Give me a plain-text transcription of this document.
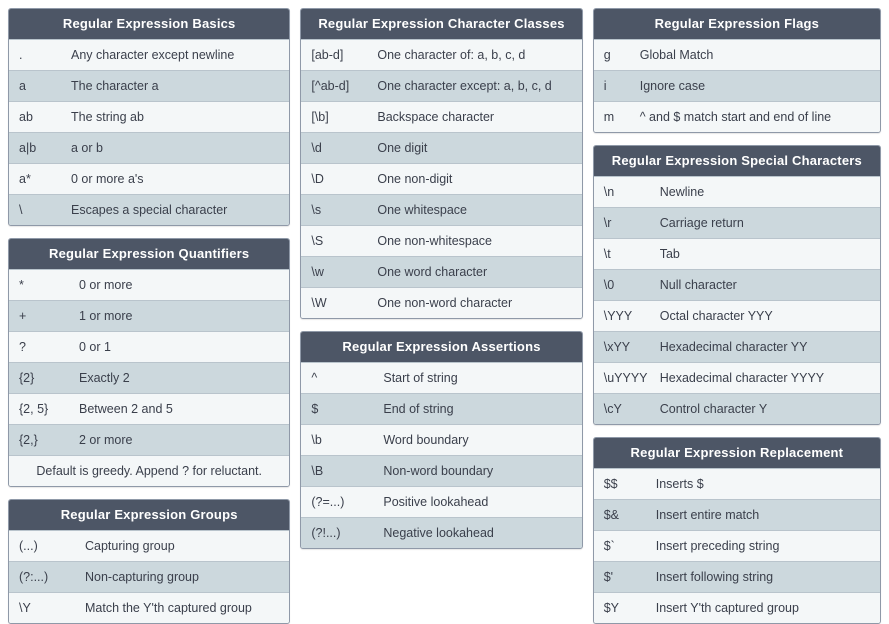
Regular Expression Basics
.	Any character except newline
a	The character a
ab	The string ab
a|b	a or b
a*	0 or more a's
\	Escapes a special character
Regular Expression Quantifiers
*	0 or more
+	1 or more
?	0 or 1
{2}	Exactly 2
{2, 5}	Between 2 and 5
{2,}	2 or more
Default is greedy. Append ? for reluctant.
Regular Expression Groups
(...)	Capturing group
(?:...)	Non-capturing group
\Y	Match the Y'th captured group
Regular Expression Character Classes
[ab-d]	One character of: a, b, c, d
[^ab-d]	One character except: a, b, c, d
[\b]	Backspace character
\d	One digit
\D	One non-digit
\s	One whitespace
\S	One non-whitespace
\w	One word character
\W	One non-word character
Regular Expression Assertions
^	Start of string
$	End of string
\b	Word boundary
\B	Non-word boundary
(?=...)	Positive lookahead
(?!...)	Negative lookahead
Regular Expression Flags
g	Global Match
i	Ignore case
m	^ and $ match start and end of line
Regular Expression Special Characters
\n	Newline
\r	Carriage return
\t	Tab
\0	Null character
\YYY	Octal character YYY
\xYY	Hexadecimal character YY
\uYYYY Hexadecimal character YYYY
\cY	Control character Y
Regular Expression Replacement
$$	Inserts $
$&	Insert entire match
$`	Insert preceding string
$'	Insert following string
$Y	Insert Y'th captured group
